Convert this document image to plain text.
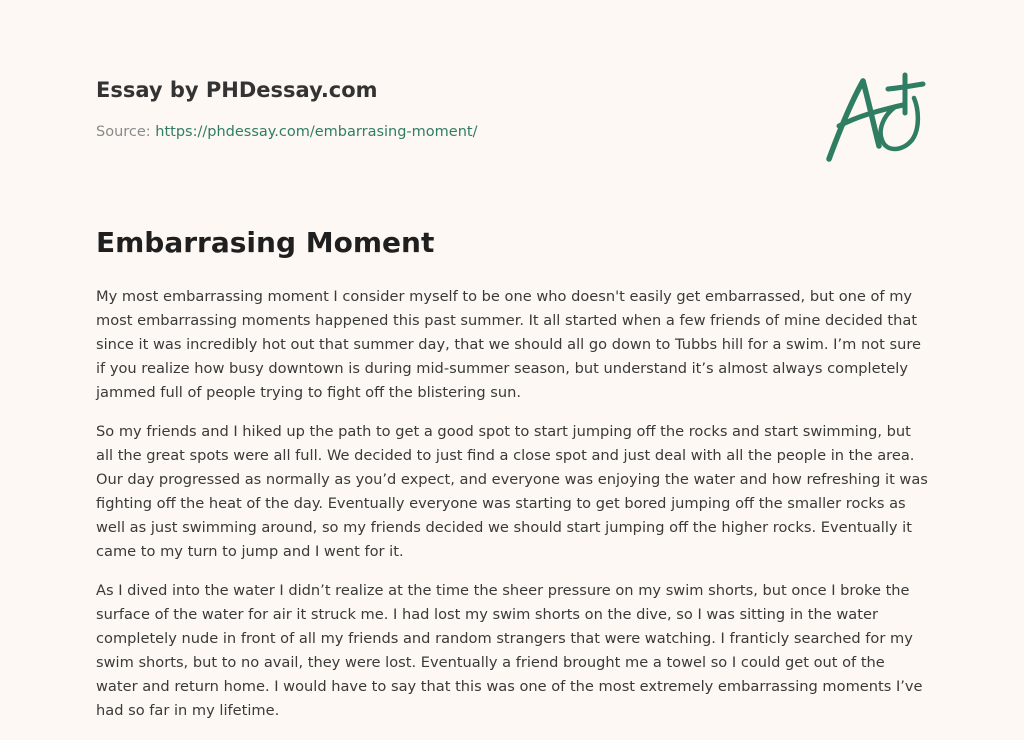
Essay by PHDessay.com
Source: https://phdessay.com/embarrasing-moment/
Embarrasing Moment

My most embarrassing moment I consider myself to be one who doesn't easily get embarrassed, but one of my most embarrassing moments happened this past summer. It all started when a few friends of mine decided that since it was incredibly hot out that summer day, that we should all go down to Tubbs hill for a swim. I’m not sure if you realize how busy downtown is during mid-summer season, but understand it’s almost always completely jammed full of people trying to fight off the blistering sun.

So my friends and I hiked up the path to get a good spot to start jumping off the rocks and start swimming, but all the great spots were all full. We decided to just find a close spot and just deal with all the people in the area. Our day progressed as normally as you’d expect, and everyone was enjoying the water and how refreshing it was fighting off the heat of the day. Eventually everyone was starting to get bored jumping off the smaller rocks as well as just swimming around, so my friends decided we should start jumping off the higher rocks. Eventually it came to my turn to jump and I went for it.

As I dived into the water I didn’t realize at the time the sheer pressure on my swim shorts, but once I broke the surface of the water for air it struck me. I had lost my swim shorts on the dive, so I was sitting in the water completely nude in front of all my friends and random strangers that were watching. I franticly searched for my swim shorts, but to no avail, they were lost. Eventually a friend brought me a towel so I could get out of the water and return home. I would have to say that this was one of the most extremely embarrassing moments I’ve had so far in my lifetime.
